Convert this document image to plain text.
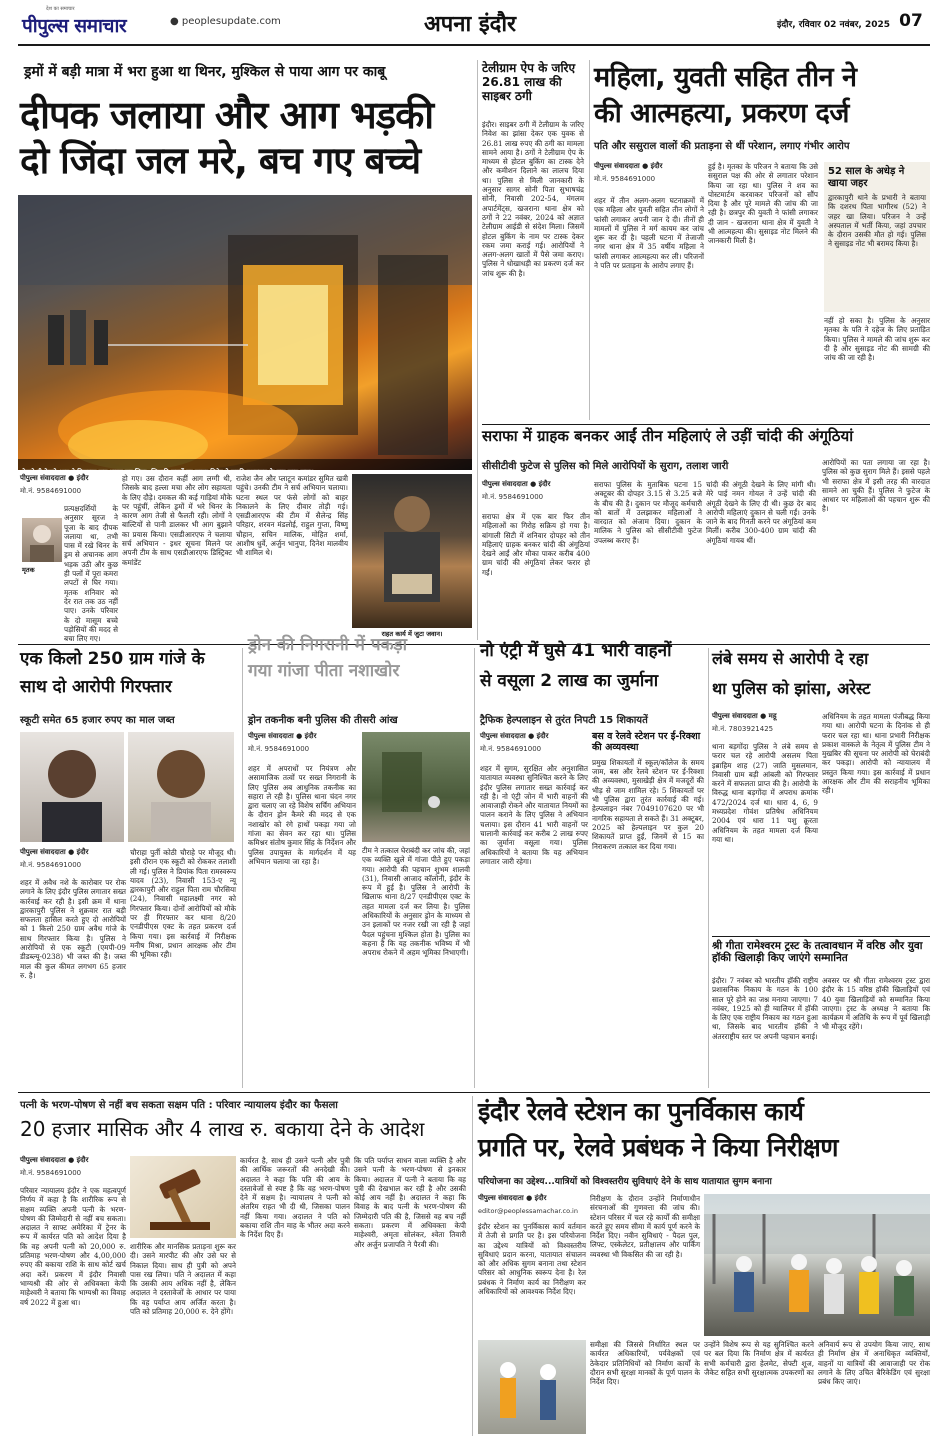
देश का समाचार
पीपुल्स समाचार	● peoplesupdate.com	अपना इंदौर	इंदौर, रविवार 02 नवंबर, 2025 07
ड्रमों में बड़ी मात्रा में भरा हुआ था थिनर, मुश्किल से पाया आग पर काबू
दीपक जलाया और आग भड़की
दो जिंदा जल मरे, बच गए बच्चे
देखते ही देखते आग ने विकराल रूप धारण कर लिया, जिसकी लपटों पर फायर ब्रिगेड ने काफी मशक्कत के बाद काबू पाया।
पीपुल्स संवाददाता ● इंदौर
मो.नं. 9584691000
मृतक
प्रत्यक्षदर्शियों के अनुसार सूरज ने पूजा के बाद दीपक जलाया था, तभी पास में रखे थिनर के ड्रम से अचानक आग भड़क उठी और कुछ ही पलों में पूरा कमरा लपटों से घिर गया। मृतक शनिवार को देर रात तक उठ नहीं पाए। उनके परिवार के दो मासूम बच्चे पड़ोसियों की मदद से बचा लिए गए।
हो गए। उस दौरान कहीं आग लग्गी थी, जिसके बाद हल्ला मचा और लोग सहायता के लिए दौड़े। दमकल की कई गाड़ियां मौके पर पहुंचीं, लेकिन ड्रमों में भरे थिनर के कारण आग तेजी से फैलती रही। लोगों ने बाल्टियों से पानी डालकर भी आग बुझाने का प्रयास किया। एसडीआरएफ ने चलाया सर्च अभियान - इधर सूचना मिलने पर अपनी टीम के साथ एसडीआरएफ डिस्ट्रिक्ट कमांडेंट
राजेश जैन और प्लाटून कमांडर सुमित खत्री पहुंचे। उनकी टीम ने सर्च अभियान चलाया। घटना स्थल पर फंसे लोगों को बाहर निकालने के लिए दीवार तोड़ी गई। एसडीआरएफ की टीम में सैलेन्द्र सिंह परिहार, शरवन मंडलोई, राहुल गुप्ता, विष्णु चौहान, सचिन मालिक, मोहित शर्मा, आशीष धुर्वे, अर्जुन भानुपा, दिनेश मालवीय भी शामिल थे।
राहत कार्य में जुटा जवान।
टेलीग्राम ऐप के जरिए 26.81 लाख की साइबर ठगी
इंदौर। साइबर ठगी में टेलीग्राम के जरिए निवेश का झांसा देकर एक युवक से 26.81 लाख रुपए की ठगी का मामला सामने आया है। ठगों ने टेलीग्राम ऐप के माध्यम से होटल बुकिंग का टास्क देने और कमीशन दिलाने का लालच दिया था। पुलिस से मिली जानकारी के अनुसार सागर सोनी पिता सुभाषचंद्र सोनी, निवासी 202-54, मंगलम अपार्टमेंट्स, खजराना थाना क्षेत्र को ठगों ने 22 नवंबर, 2024 को अज्ञात टेलीग्राम आईडी से संदेश मिला। जिसमें होटल बुकिंग के नाम पर टास्क देकर रकम जमा कराई गई। आरोपियों ने अलग-अलग खातों में पैसे जमा कराए। पुलिस ने धोखाधड़ी का प्रकरण दर्ज कर जांच शुरू की है।
महिला, युवती सहित तीन ने
की आत्महत्या, प्रकरण दर्ज
पति और ससुराल वालों की प्रताड़ना से थीं परेशान, लगाए गंभीर आरोप
पीपुल्स संवाददाता ● इंदौर
मो.नं. 9584691000
शहर में तीन अलग-अलग घटनाक्रमों में एक महिला और युवती सहित तीन लोगों ने फांसी लगाकर अपनी जान दे दी। तीनों ही मामलों में पुलिस ने मर्ग कायम कर जांच शुरू कर दी है। पहली घटना में तेजाजी नगर थाना क्षेत्र में 35 वर्षीय महिला ने फांसी लगाकर आत्महत्या कर ली। परिजनों ने पति पर प्रताड़ना के आरोप लगाए हैं।
हुई है। मृतका के परिजन ने बताया कि उसे ससुराल पक्ष की ओर से लगातार परेशान किया जा रहा था। पुलिस ने शव का पोस्टमार्टम करवाकर परिजनों को सौंप दिया है और पूरे मामले की जांच की जा रही है। छत्रपुर की युवती ने फांसी लगाकर दी जान - खजराना थाना क्षेत्र में युवती ने भी आत्महत्या की। सुसाइड नोट मिलने की जानकारी मिली है।
52 साल के अधेड़ ने खाया जहर
द्वारकापुरी थाने के प्रभारी ने बताया कि दशरथ पिता भागीरथ (52) ने जहर खा लिया। परिजन ने उन्हें अस्पताल में भर्ती किया, जहां उपचार के दौरान उसकी मौत हो गई। पुलिस ने सुसाइड नोट भी बरामद किया है।
नहीं हो सका है। पुलिस के अनुसार मृतका के पति ने दहेज के लिए प्रताड़ित किया। पुलिस ने मामले की जांच शुरू कर दी है और सुसाइड नोट की सामग्री की जांच की जा रही है।
सराफा में ग्राहक बनकर आईं तीन महिलाएं ले उड़ीं चांदी की अंगूठियां
सीसीटीवी फुटेज से पुलिस को मिले आरोपियों के सुराग, तलाश जारी
पीपुल्स संवाददाता ● इंदौर
मो.नं. 9584691000
सराफा क्षेत्र में एक बार फिर तीन महिलाओं का गिरोह सक्रिय हो गया है। बांगाली सिटी में शनिवार दोपहर को तीन महिलाएं ग्राहक बनकर चांदी की अंगूठियां देखने आईं और मौका पाकर करीब 400 ग्राम चांदी की अंगूठियां लेकर फरार हो गईं।
सराफा पुलिस के मुताबिक घटना 15 अक्टूबर की दोपहर 3.15 से 3.25 बजे के बीच की है। दुकान पर मौजूद कर्मचारी को बातों में उलझाकर महिलाओं ने वारदात को अंजाम दिया। दुकान के मालिक ने पुलिस को सीसीटीवी फुटेज उपलब्ध कराए हैं।
चांदी की अंगूठी देखने के लिए मांगी थी। मेरे पाई नमन गोयल ने उन्हें चांदी की अंगूठी देखने के लिए दी थी। कुछ देर बाद आरोपी महिलाएं दुकान से चली गईं। उनके जाने के बाद गिनती करने पर अंगूठियां कम मिलीं। करीब 300-400 ग्राम चांदी की अंगूठियां गायब थीं।
आरोपियों का पता लगाया जा रहा है। पुलिस को कुछ सुराग मिले हैं। इससे पहले भी सराफा क्षेत्र में इसी तरह की वारदात सामने आ चुकी हैं। पुलिस ने फुटेज के आधार पर महिलाओं की पहचान शुरू की है।
एक किलो 250 ग्राम गांजे के
साथ दो आरोपी गिरफ्तार
स्कूटी समेत 65 हजार रुपए का माल जब्त
पीपुल्स संवाददाता ● इंदौर
मो.नं. 9584691000
शहर में अवैध नशे के कारोबार पर रोक लगाने के लिए इंदौर पुलिस लगातार सख्त कार्रवाई कर रही है। इसी क्रम में थाना द्वारकापुरी पुलिस ने शुक्रवार रात बड़ी सफलता हासिल करते हुए दो आरोपियों को 1 किलो 250 ग्राम अवैध गांजे के साथ गिरफ्तार किया है। पुलिस ने आरोपियों से एक स्कूटी (एमपी-09 डीडब्ल्यू-0238) भी जब्त की है। जब्त माल की कुल कीमत लगभग 65 हजार रु. है।
चौराहा पुर्ती कोठी चौराहे पर मौजूद थी। इसी दौरान एक स्कूटी को रोककर तलाशी ली गई। पुलिस ने प्रियांक पिता रामस्वरूप यादव (23), निवासी 153-ए न्यू द्वारकापुरी और राहुल पिता राम चौरसिया (24), निवासी महालक्ष्मी नगर को गिरफ्तार किया। दोनों आरोपियों को मौके पर ही गिरफ्तार कर थाना 8/20 एनडीपीएस एक्ट के तहत प्रकरण दर्ज किया गया। इस कार्रवाई में निरीक्षक मनीष मिश्रा, प्रधान आरक्षक और टीम की भूमिका रही।
ड्रोन की निगरानी में पकड़ा
गया गांजा पीता नशाखोर
ड्रोन तकनीक बनी पुलिस की तीसरी आंख
पीपुल्स संवाददाता ● इंदौर
मो.नं. 9584691000
शहर में अपराधों पर नियंत्रण और असामाजिक तत्वों पर सख्त निगरानी के लिए पुलिस अब आधुनिक तकनीक का सहारा ले रही है। पुलिस थाना चंदन नगर द्वारा चलाए जा रहे विशेष सर्चिंग अभियान के दौरान ड्रोन कैमरे की मदद से एक नशाखोर को रंगे हाथों पकड़ा गया जो गांजा का सेवन कर रहा था। पुलिस कमिश्नर संतोष कुमार सिंह के निर्देशन और पुलिस उपायुक्त के मार्गदर्शन में यह अभियान चलाया जा रहा है।
टीम ने तत्काल घेराबंदी कर जांच की, जहां एक व्यक्ति खुले में गांजा पीते हुए पकड़ा गया। आरोपी की पहचान शुभम शालवी (31), निवासी आजाद कॉलोनी, इंदौर के रूप में हुई है। पुलिस ने आरोपी के खिलाफ थाना 8/27 एनडीपीएस एक्ट के तहत मामला दर्ज कर लिया है। पुलिस अधिकारियों के अनुसार ड्रोन के माध्यम से उन इलाकों पर नजर रखी जा रही है जहां पैदल पहुंचना मुश्किल होता है। पुलिस का कहना है कि यह तकनीक भविष्य में भी अपराध रोकने में अहम भूमिका निभाएगी।
नो एंट्री में घुसे 41 भारी वाहनों
से वसूला 2 लाख का जुर्माना
ट्रैफिक हेल्पलाइन से तुरंत निपटी 15 शिकायतें
पीपुल्स संवाददाता ● इंदौर
मो.नं. 9584691000
शहर में सुगम, सुरक्षित और अनुशासित यातायात व्यवस्था सुनिश्चित करने के लिए इंदौर पुलिस लगातार सख्त कार्रवाई कर रही है। नो एंट्री जोन में भारी वाहनों की आवाजाही रोकने और यातायात नियमों का पालन कराने के लिए पुलिस ने अभियान चलाया। इस दौरान 41 भारी वाहनों पर चालानी कार्रवाई कर करीब 2 लाख रुपए का जुर्माना वसूला गया। पुलिस अधिकारियों ने बताया कि यह अभियान लगातार जारी रहेगा।
बस व रेलवे स्टेशन पर ई-रिक्शा की अव्यवस्था
प्रमुख शिकायतों में स्कूल/कॉलेज के समय जाम, बस और रेलवे स्टेशन पर ई-रिक्शा की अव्यवस्था, मुसाखेड़ी क्षेत्र में मजदूरों की भीड़ से जाम शामिल रहे। 5 शिकायतों पर भी पुलिस द्वारा तुरंत कार्रवाई की गई। हेल्पलाइन नंबर 7049107620 पर भी नागरिक सहायता ले सकते हैं। 31 अक्टूबर, 2025 को हेल्पलाइन पर कुल 20 शिकायतें प्राप्त हुईं, जिनमें से 15 का निराकरण तत्काल कर दिया गया।
लंबे समय से आरोपी दे रहा
था पुलिस को झांसा, अरेस्ट
पीपुल्स संवाददाता ● महू
मो.नं. 7803921425
थाना बड़गोंदा पुलिस ने लंबे समय से फरार चल रहे आरोपी असलम पिता इब्राहिम शाह (27) जाति मुसलमान, निवासी ग्राम बड़ी आंबली को गिरफ्तार करने में सफलता प्राप्त की है। आरोपी के विरुद्ध थाना बड़गोंदा में अपराध क्रमांक 472/2024 दर्ज था। धारा 4, 6, 9 मध्यप्रदेश गोवंश प्रतिषेध अधिनियम 2004 एवं धारा 11 पशु क्रूरता अधिनियम के तहत मामला दर्ज किया गया था।
अधिनियम के तहत मामला पंजीबद्ध किया गया था। आरोपी घटना के दिनांक से ही फरार चल रहा था। थाना प्रभारी निरीक्षक प्रकाश वास्कले के नेतृत्व में पुलिस टीम ने मुखबिर की सूचना पर आरोपी को घेराबंदी कर पकड़ा। आरोपी को न्यायालय में प्रस्तुत किया गया। इस कार्रवाई में प्रधान आरक्षक और टीम की सराहनीय भूमिका रही।
श्री गीता रामेश्वरम ट्रस्ट के तत्वावधान में वरिष्ठ और युवा हॉकी खिलाड़ी किए जाएंगे सम्मानित
इंदौर। 7 नवंबर को भारतीय हॉकी राष्ट्रीय प्रशासनिक निकाय के गठन के 100 साल पूरे होने का जश्न मनाया जाएगा। 7 नवंबर, 1925 को ही ग्वालियर में हॉकी के लिए एक राष्ट्रीय निकाय का गठन हुआ था, जिसके बाद भारतीय हॉकी ने अंतरराष्ट्रीय स्तर पर अपनी पहचान बनाई।
अवसर पर श्री गीता रामेश्वरम ट्रस्ट द्वारा इंदौर के 15 वरिष्ठ हॉकी खिलाड़ियों एवं 40 युवा खिलाड़ियों को सम्मानित किया जाएगा। ट्रस्ट के अध्यक्ष ने बताया कि कार्यक्रम में अतिथि के रूप में पूर्व खिलाड़ी भी मौजूद रहेंगे।
पत्नी के भरण-पोषण से नहीं बच सकता सक्षम पति : परिवार न्यायालय इंदौर का फैसला
20 हजार मासिक और 4 लाख रु. बकाया देने के आदेश
पीपुल्स संवाददाता ● इंदौर
मो.नं. 9584691000
परिवार न्यायालय इंदौर ने एक महत्वपूर्ण निर्णय में कहा है कि शारीरिक रूप से सक्षम व्यक्ति अपनी पत्नी के भरण-पोषण की जिम्मेदारी से नहीं बच सकता। अदालत ने साफ्ट अमेरिका में ट्रेनर के रूप में कार्यरत पति को आदेश दिया है कि वह अपनी पत्नी को 20,000 रु. प्रतिमाह भरण-पोषण और 4,00,000 रुपए की बकाया राशि के साथ कोर्ट खर्च अदा करें। प्रकरण में इंदौर निवासी भाग्यश्री की ओर से अधिवक्ता केपी माहेश्वरी ने बताया कि भाग्यश्री का विवाह वर्ष 2022 में हुआ था।
शारीरिक और मानसिक प्रताड़ना शुरू कर दी। उसने मारपीट की और उसे घर से निकाल दिया। साथ ही पुत्री को अपने पास रख लिया। पति ने अदालत में कहा कि उसकी आय अधिक नहीं है, लेकिन अदालत ने दस्तावेजों के आधार पर पाया कि वह पर्याप्त आय अर्जित करता है। पति को प्रतिमाह 20,000 रु. देने होंगे।
कार्यरत है, साथ ही उसने पत्नी और पुत्री की आर्थिक जरूरतों की अनदेखी की। अदालत ने कहा कि पति की आय के दस्तावेजों से स्पष्ट है कि वह भरण-पोषण देने में सक्षम है। न्यायालय ने पत्नी को अंतरिम राहत भी दी थी, जिसका पालन नहीं किया गया। अदालत ने पति को बकाया राशि तीन माह के भीतर अदा करने के निर्देश दिए हैं।
कि पति पर्याप्त साधन वाला व्यक्ति है और उसने पत्नी के भरण-पोषण से इनकार किया। अदालत में पत्नी ने बताया कि वह पुत्री की देखभाल कर रही है और उसकी कोई आय नहीं है। अदालत ने कहा कि विवाह के बाद पत्नी के भरण-पोषण की जिम्मेदारी पति की है, जिससे वह बच नहीं सकता। प्रकरण में अधिवक्ता केपी माहेश्वरी, अमृता सोलंकर, श्वेता तिवारी और अर्जुन प्रजापति ने पैरवी की।
इंदौर रेलवे स्टेशन का पुनर्विकास कार्य
प्रगति पर, रेलवे प्रबंधक ने किया निरीक्षण
परियोजना का उद्देश्य...यात्रियों को विश्वस्तरीय सुविधाएं देने के साथ यातायात सुगम बनाना
पीपुल्स संवाददाता ● इंदौर
editor@peoplessamachar.co.in
इंदौर स्टेशन का पुनर्विकास कार्य वर्तमान में तेजी से प्रगति पर है। इस परियोजना का उद्देश्य यात्रियों को विश्वस्तरीय सुविधाएं प्रदान करना, यातायात संचालन को और अधिक सुगम बनाना तथा स्टेशन परिसर को आधुनिक स्वरूप देना है। रेल प्रबंधक ने निर्माण कार्य का निरीक्षण कर अधिकारियों को आवश्यक निर्देश दिए।
निरीक्षण के दौरान उन्होंने निर्माणाधीन संरचनाओं की गुणवत्ता की जांच की। स्टेशन परिसर में चल रहे कार्यों की समीक्षा करते हुए समय सीमा में कार्य पूर्ण करने के निर्देश दिए। नवीन सुविधाएं - पैदल पुल, लिफ्ट, एस्केलेटर, प्रतीक्षालय और पार्किंग व्यवस्था भी विकसित की जा रही है।
समीक्षा की जिससे निर्धारित स्थल पर कार्यरत अधिकारियों, पर्यवेक्षकों एवं ठेकेदार प्रतिनिधियों को निर्माण कार्यों के दौरान सभी सुरक्षा मानकों के पूर्ण पालन के निर्देश दिए।
उन्होंने विशेष रूप से यह सुनिश्चित करने पर बल दिया कि निर्माण क्षेत्र में कार्यरत सभी कर्मचारी द्वारा हेलमेट, सेफ्टी शूज, जैकेट सहित सभी सुरक्षात्मक उपकरणों का
अनिवार्य रूप से उपयोग किया जाए, साथ ही निर्माण क्षेत्र में अनाधिकृत व्यक्तियों, वाहनों या यात्रियों की आवाजाही पर रोक लगाने के लिए उचित बैरिकेडिंग एवं सुरक्षा प्रबंध किए जाएं।
